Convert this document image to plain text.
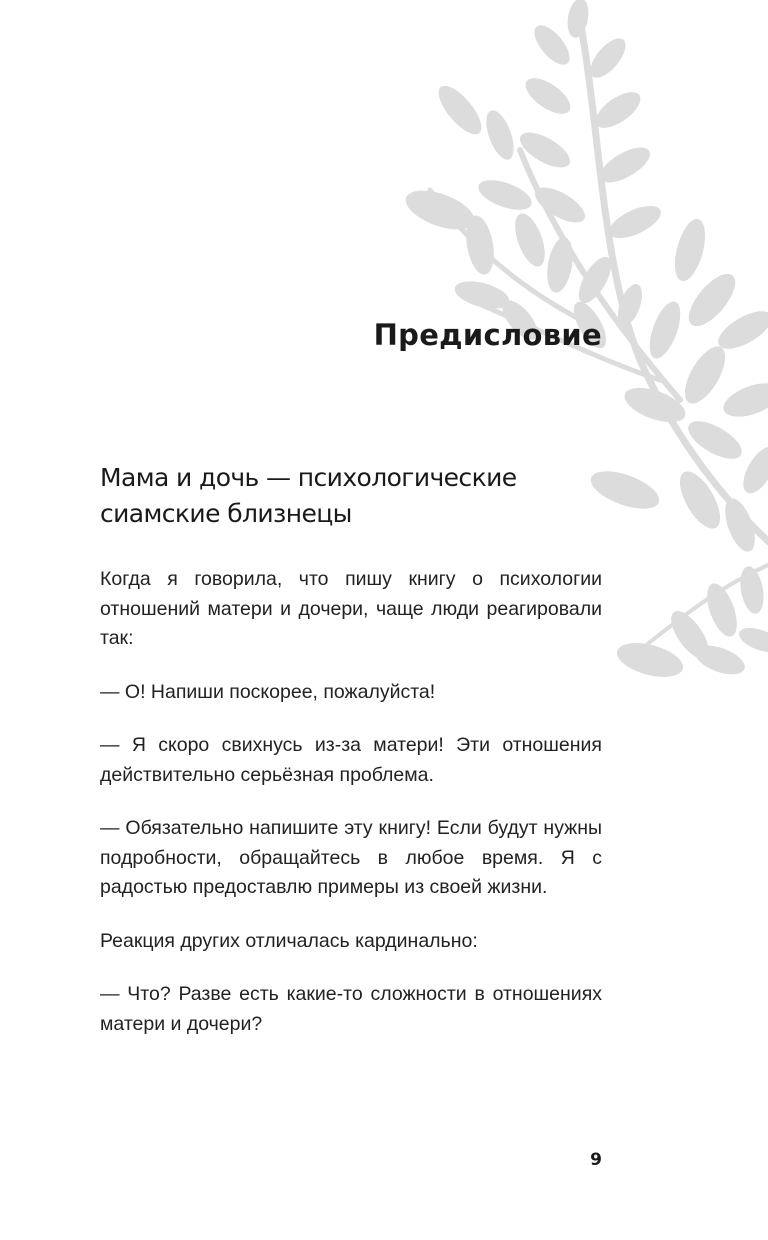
Предисловие
Мама и дочь — психологические
сиамские близнецы

Когда я говорила, что пишу книгу о психологии отношений матери и дочери, чаще люди реагировали так:

— О! Напиши поскорее, пожалуйста!

— Я скоро свихнусь из-за матери! Эти отношения действительно серьёзная проблема.

— Обязательно напишите эту книгу! Если будут нужны подробности, обращайтесь в любое время. Я с радостью предоставлю примеры из своей жизни.

Реакция других отличалась кардинально:

— Что? Разве есть какие-то сложности в отношениях матери и дочери?

9
